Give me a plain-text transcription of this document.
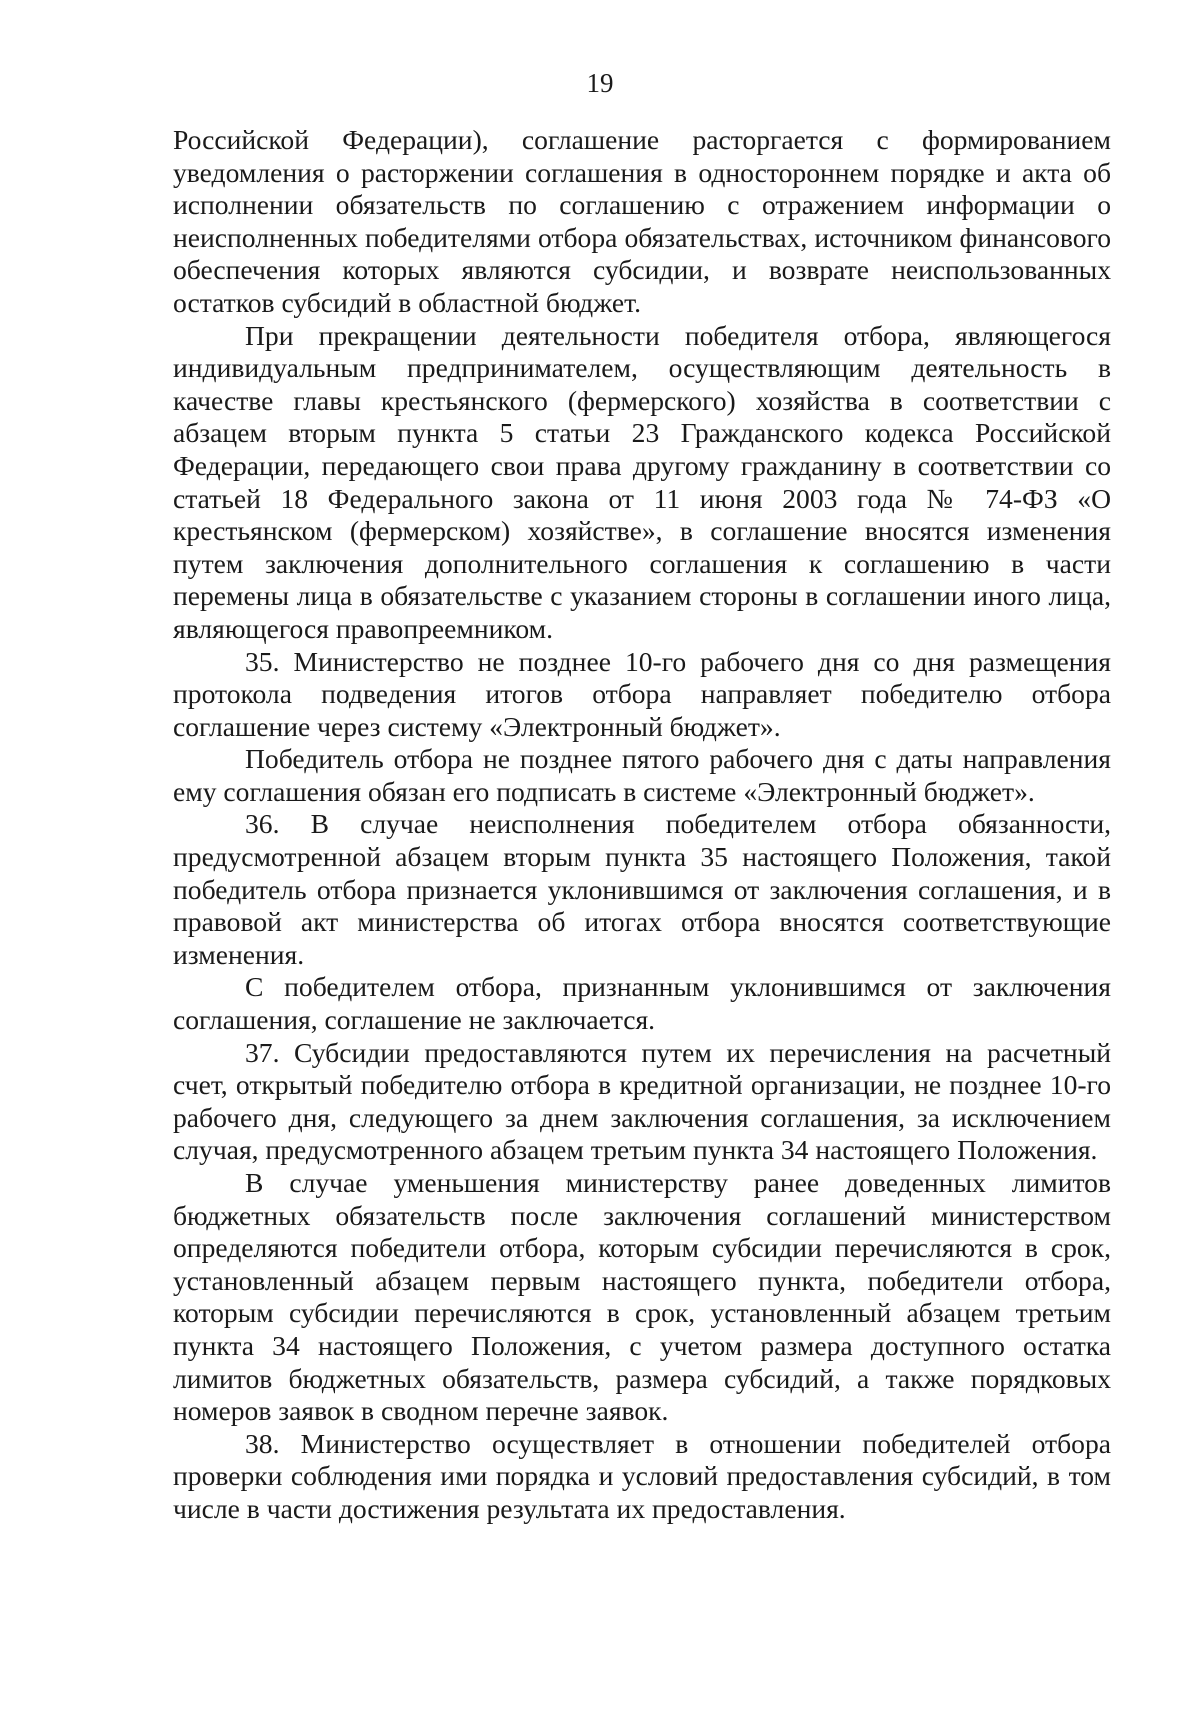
19

Российской Федерации), соглашение расторгается с формированием уведомления о расторжении соглашения в одностороннем порядке и акта об исполнении обязательств по соглашению с отражением информации о неисполненных победителями отбора обязательствах, источником финансового обеспечения которых являются субсидии, и возврате неиспользованных остатков субсидий в областной бюджет.

При прекращении деятельности победителя отбора, являющегося индивидуальным предпринимателем, осуществляющим деятельность в качестве главы крестьянского (фермерского) хозяйства в соответствии с абзацем вторым пункта 5 статьи 23 Гражданского кодекса Российской Федерации, передающего свои права другому гражданину в соответствии со статьей 18 Федерального закона от 11 июня 2003 года № 74-ФЗ «О крестьянском (фермерском) хозяйстве», в соглашение вносятся изменения путем заключения дополнительного соглашения к соглашению в части перемены лица в обязательстве с указанием стороны в соглашении иного лица, являющегося правопреемником.

35. Министерство не позднее 10-го рабочего дня со дня размещения протокола подведения итогов отбора направляет победителю отбора соглашение через систему «Электронный бюджет».

Победитель отбора не позднее пятого рабочего дня с даты направления ему соглашения обязан его подписать в системе «Электронный бюджет».

36. В случае неисполнения победителем отбора обязанности, предусмотренной абзацем вторым пункта 35 настоящего Положения, такой победитель отбора признается уклонившимся от заключения соглашения, и в правовой акт министерства об итогах отбора вносятся соответствующие изменения.

С победителем отбора, признанным уклонившимся от заключения соглашения, соглашение не заключается.

37. Субсидии предоставляются путем их перечисления на расчетный счет, открытый победителю отбора в кредитной организации, не позднее 10-го рабочего дня, следующего за днем заключения соглашения, за исключением случая, предусмотренного абзацем третьим пункта 34 настоящего Положения.

В случае уменьшения министерству ранее доведенных лимитов бюджетных обязательств после заключения соглашений министерством определяются победители отбора, которым субсидии перечисляются в срок, установленный абзацем первым настоящего пункта, победители отбора, которым субсидии перечисляются в срок, установленный абзацем третьим пункта 34 настоящего Положения, с учетом размера доступного остатка лимитов бюджетных обязательств, размера субсидий, а также порядковых номеров заявок в сводном перечне заявок.

38. Министерство осуществляет в отношении победителей отбора проверки соблюдения ими порядка и условий предоставления субсидий, в том числе в части достижения результата их предоставления.
